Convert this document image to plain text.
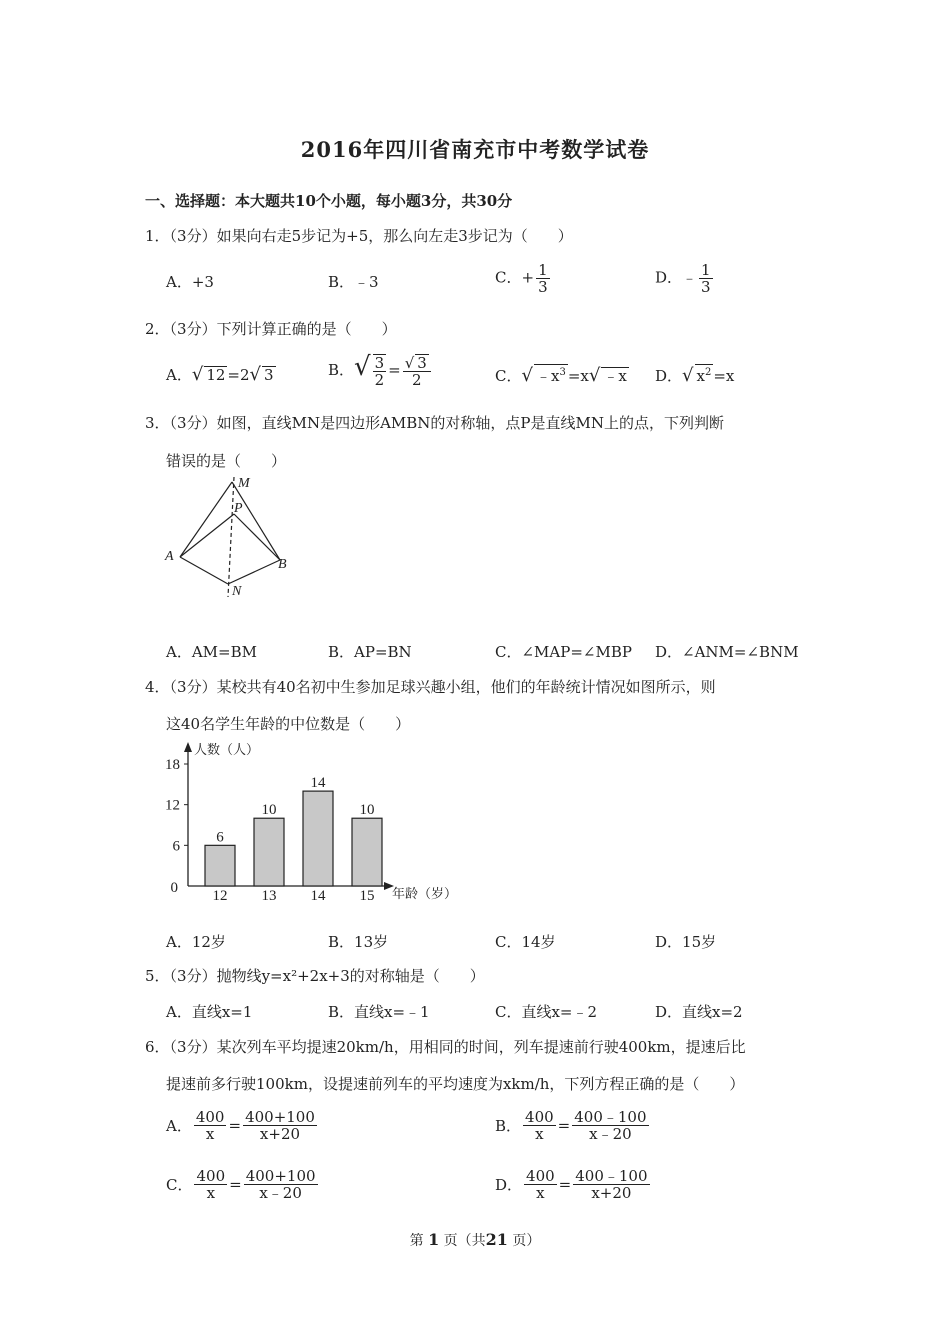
2016年四川省南充市中考数学试卷
一、选择题：本大题共10个小题，每小题3分，共30分
1．（3分）如果向右走5步记为+5，那么向左走3步记为（　　）
A．+3	B．﹣3	C．+ $\frac{1}{3}$	D．﹣ $\frac{1}{3}$
2．（3分）下列计算正确的是（　　）
A．√ 12 =2√ 3	B．√ $\frac{3}{2} = \frac{√ 3}{2}$	C．√ $﹣x^3 =x√$ ﹣x D．√ $x^2 =x$
3．（3分）如图，直线MN是四边形AMBN的对称轴，点P是直线MN上的点，下列判断
错误的是（　　）
M
P
A
B
N
A．AM=BM	B．AP=BN	C．∠MAP=∠MBP D．∠ANM=∠BNM
4．（3分）某校共有40名初中生参加足球兴趣小组，他们的年龄统计情况如图所示，则
这40名学生年龄的中位数是（　　）
人数（人）
年龄（岁）
0
6
12
18
6
12
10
13
14
14
10
15
A．12岁	B．13岁	C．14岁	D．15岁
5．（3分）抛物线y=x²+2x+3的对称轴是（　　）
A．直线x=1	B．直线x=﹣1	C．直线x=﹣2	D．直线x=2
6．（3分）某次列车平均提速20km/h，用相同的时间，列车提速前行驶400km，提速后比
提速前多行驶100km，设提速前列车的平均速度为xkm/h，下列方程正确的是（　　）
A． $\frac{400}{x} = \frac{400+100}{x+20}$	B． $\frac{400}{x} = \frac{400﹣100}{x﹣20}$
C． $\frac{400}{x} = \frac{400+100}{x﹣20}$	D． $\frac{400}{x} = \frac{400﹣100}{x+20}$
第 1 页（共21 页）
